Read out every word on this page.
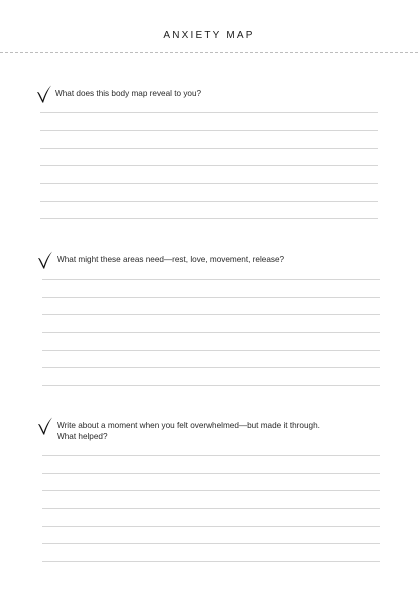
ANXIETY MAP
What does this body map reveal to you?
What might these areas need—rest, love, movement, release?
Write about a moment when you felt overwhelmed—but made it through.
What helped?
